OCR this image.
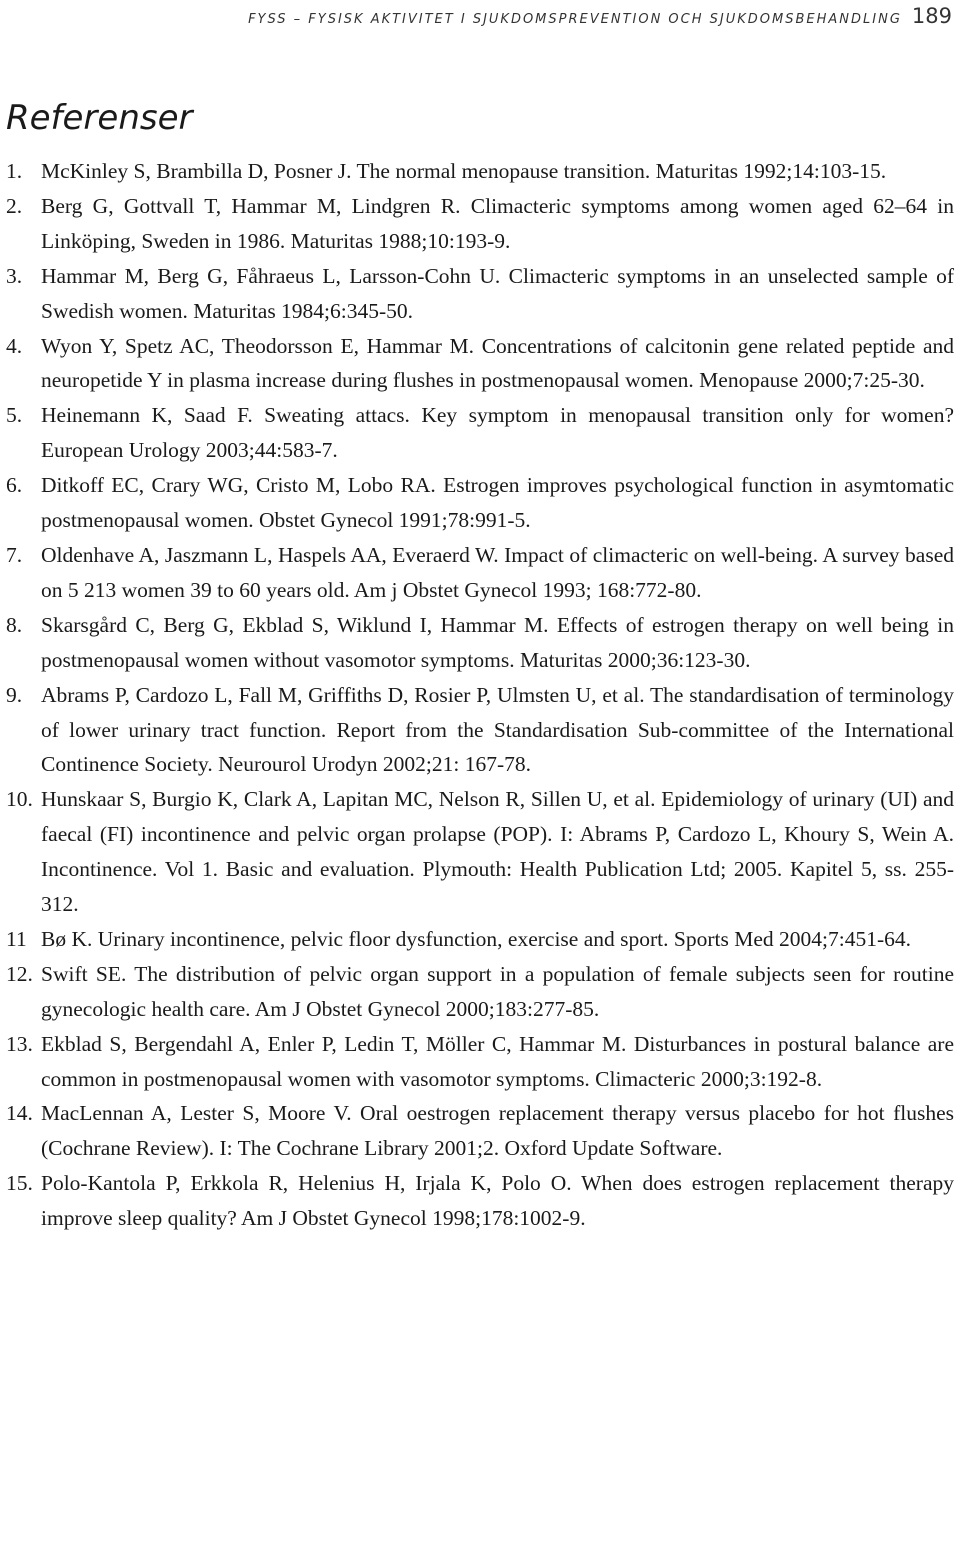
FYSS – FYSISK AKTIVITET I SJUKDOMSPREVENTION OCH SJUKDOMSBEHANDLING 189
Referenser
1. McKinley S, Brambilla D, Posner J. The normal menopause transition. Maturitas 1992;14:103-15.
2. Berg G, Gottvall T, Hammar M, Lindgren R. Climacteric symptoms among women aged 62–64 in Linköping, Sweden in 1986. Maturitas 1988;10:193-9.
3. Hammar M, Berg G, Fåhraeus L, Larsson-Cohn U. Climacteric symptoms in an unselected sample of Swedish women. Maturitas 1984;6:345-50.
4. Wyon Y, Spetz AC, Theodorsson E, Hammar M. Concentrations of calcitonin gene related peptide and neuropetide Y in plasma increase during flushes in postmenopausal women. Menopause 2000;7:25-30.
5. Heinemann K, Saad F. Sweating attacs. Key symptom in menopausal transition only for women? European Urology 2003;44:583-7.
6. Ditkoff EC, Crary WG, Cristo M, Lobo RA. Estrogen improves psychological function in asymtomatic postmenopausal women. Obstet Gynecol 1991;78:991-5.
7. Oldenhave A, Jaszmann L, Haspels AA, Everaerd W. Impact of climacteric on well-being. A survey based on 5 213 women 39 to 60 years old. Am j Obstet Gynecol 1993; 168:772-80.
8. Skarsgård C, Berg G, Ekblad S, Wiklund I, Hammar M. Effects of estrogen therapy on well being in postmenopausal women without vasomotor symptoms. Maturitas 2000;36:123-30.
9. Abrams P, Cardozo L, Fall M, Griffiths D, Rosier P, Ulmsten U, et al. The standardisation of terminology of lower urinary tract function. Report from the Standardisation Sub-committee of the International Continence Society. Neurourol Urodyn 2002;21: 167-78.
10. Hunskaar S, Burgio K, Clark A, Lapitan MC, Nelson R, Sillen U, et al. Epidemiology of urinary (UI) and faecal (FI) incontinence and pelvic organ prolapse (POP). I: Abrams P, Cardozo L, Khoury S, Wein A. Incontinence. Vol 1. Basic and evaluation. Plymouth: Health Publication Ltd; 2005. Kapitel 5, ss. 255-312.
11 Bø K. Urinary incontinence, pelvic floor dysfunction, exercise and sport. Sports Med 2004;7:451-64.
12. Swift SE. The distribution of pelvic organ support in a population of female subjects seen for routine gynecologic health care. Am J Obstet Gynecol 2000;183:277-85.
13. Ekblad S, Bergendahl A, Enler P, Ledin T, Möller C, Hammar M. Disturbances in postural balance are common in postmenopausal women with vasomotor symptoms. Climacteric 2000;3:192-8.
14. MacLennan A, Lester S, Moore V. Oral oestrogen replacement therapy versus placebo for hot flushes (Cochrane Review). I: The Cochrane Library 2001;2. Oxford Update Software.
15. Polo-Kantola P, Erkkola R, Helenius H, Irjala K, Polo O. When does estrogen replacement therapy improve sleep quality? Am J Obstet Gynecol 1998;178:1002-9.
